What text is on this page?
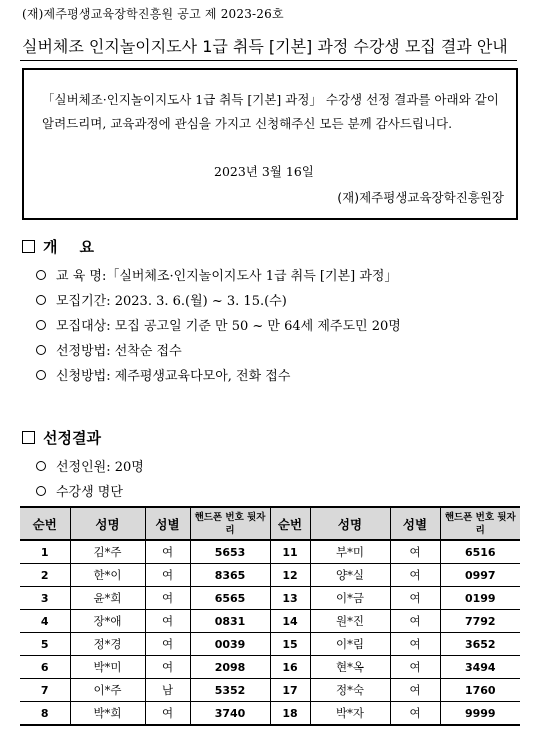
(재)제주평생교육장학진흥원 공고 제 2023-26호
실버체조 인지놀이지도사 1급 취득 [기본] 과정 수강생 모집 결과 안내
「실버체조·인지놀이지도사 1급 취득 [기본] 과정」 수강생 선정 결과를 아래와 같이 알려드리며, 교육과정에 관심을 가지고 신청해주신 모든 분께 감사드립니다.
2023년 3월 16일
(재)제주평생교육장학진흥원장
개요
교 육 명:「실버체조·인지놀이지도사 1급 취득 [기본] 과정」
모집기간: 2023. 3. 6.(월) ~ 3. 15.(수)
모집대상: 모집 공고일 기준 만 50 ~ 만 64세 제주도민 20명
선정방법: 선착순 접수
신청방법: 제주평생교육다모아, 전화 접수
선정결과
선정인원: 20명
수강생 명단
순번	성명	성별	핸드폰 번호 뒷자리	순번	성명	성별	핸드폰 번호 뒷자리
1	김*주	여	5653	11	부*미	여	6516
2	한*이	여	8365	12	양*실	여	0997
3	윤*희	여	6565	13	이*금	여	0199
4	장*애	여	0831	14	원*진	여	7792
5	정*경	여	0039	15	이*림	여	3652
6	박*미	여	2098	16	현*옥	여	3494
7	이*주	남	5352	17	정*숙	여	1760
8	박*희	여	3740	18	박*자	여	9999
